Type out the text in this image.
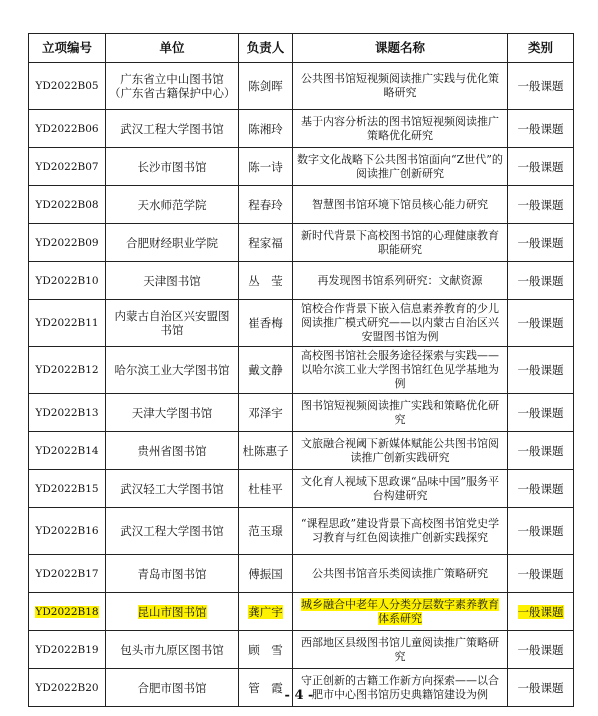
立项编号	单位	负责人	课题名称	类别
YD2022B05	广东省立中山图书馆（广东省古籍保护中心）	陈剑晖	公共图书馆短视频阅读推广实践与优化策略研究	一般课题
YD2022B06	武汉工程大学图书馆	陈湘玲	基于内容分析法的图书馆短视频阅读推广策略优化研究	一般课题
YD2022B07	长沙市图书馆	陈一诗	数字文化战略下公共图书馆面向“Z世代”的阅读推广创新研究	一般课题
YD2022B08	天水师范学院	程春玲	智慧图书馆环境下馆员核心能力研究	一般课题
YD2022B09	合肥财经职业学院	程家福	新时代背景下高校图书馆的心理健康教育职能研究	一般课题
YD2022B10	天津图书馆	丛　莹	再发现图书馆系列研究：文献资源	一般课题
YD2022B11	内蒙古自治区兴安盟图书馆	崔香梅	馆校合作背景下嵌入信息素养教育的少儿阅读推广模式研究——以内蒙古自治区兴安盟图书馆为例	一般课题
YD2022B12	哈尔滨工业大学图书馆	戴文静	高校图书馆社会服务途径探索与实践——以哈尔滨工业大学图书馆红色见学基地为例	一般课题
YD2022B13	天津大学图书馆	邓泽宇	图书馆短视频阅读推广实践和策略优化研究	一般课题
YD2022B14	贵州省图书馆	杜陈惠子	文旅融合视阈下新媒体赋能公共图书馆阅读推广创新实践研究	一般课题
YD2022B15	武汉轻工大学图书馆	杜桂平	文化育人视域下思政课“品味中国”服务平台构建研究	一般课题
YD2022B16	武汉工程大学图书馆	范玉璟	“课程思政”建设背景下高校图书馆党史学习教育与红色阅读推广创新实践探究	一般课题
YD2022B17	青岛市图书馆	傅振国	公共图书馆音乐类阅读推广策略研究	一般课题
YD2022B18	昆山市图书馆	龚广宇	城乡融合中老年人分类分层数字素养教育体系研究	一般课题
YD2022B19	包头市九原区图书馆	顾　雪	西部地区县级图书馆儿童阅读推广策略研究	一般课题
YD2022B20	合肥市图书馆	管　霞	守正创新的古籍工作新方向探索——以合肥市中心图书馆历史典籍馆建设为例	一般课题
- 4 -
